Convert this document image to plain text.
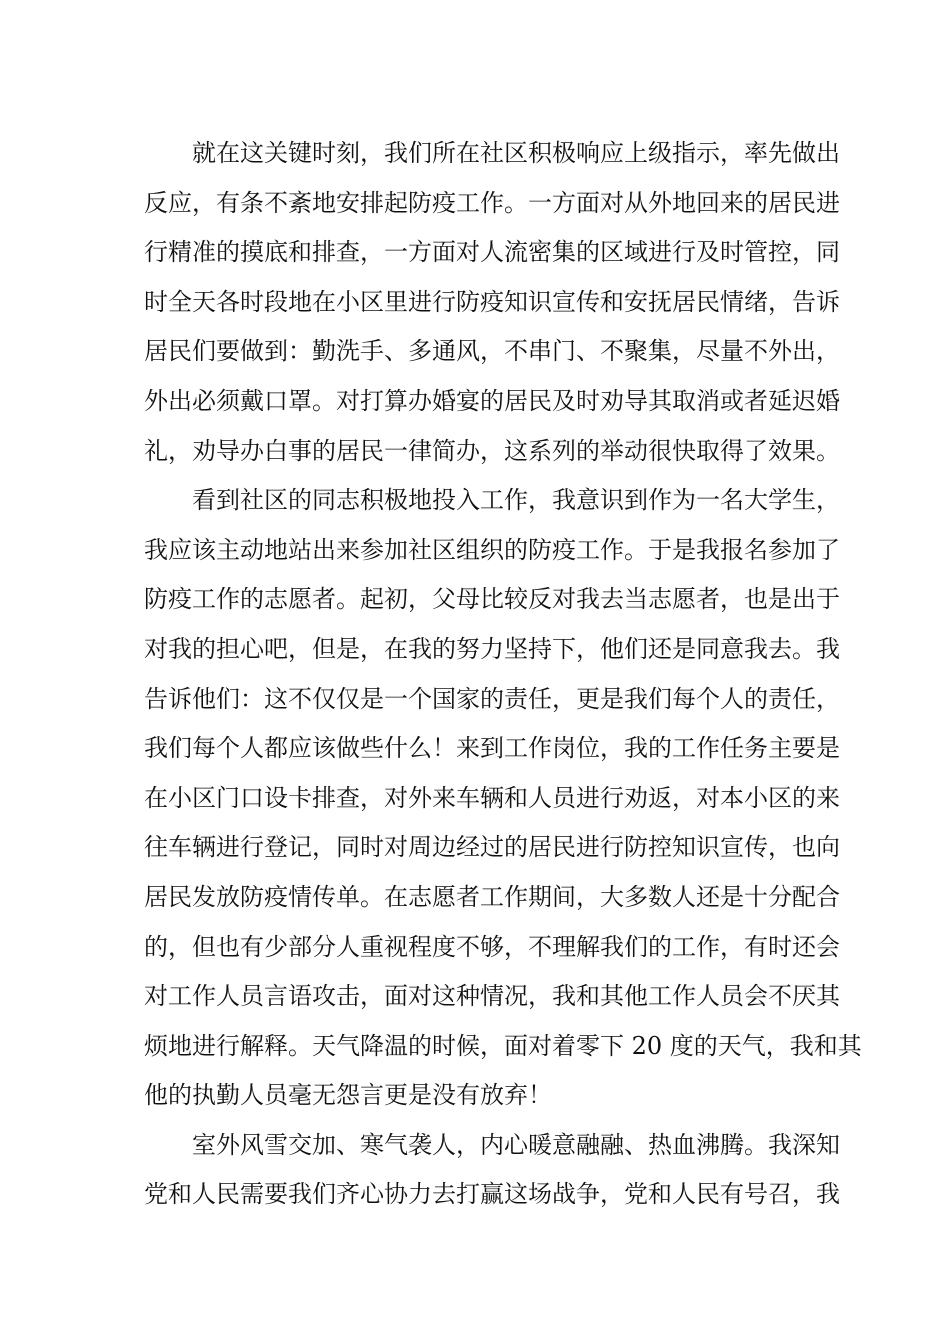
就在这关键时刻，我们所在社区积极响应上级指示，率先做出
反应，有条不紊地安排起防疫工作。一方面对从外地回来的居民进
行精准的摸底和排查，一方面对人流密集的区域进行及时管控，同
时全天各时段地在小区里进行防疫知识宣传和安抚居民情绪，告诉
居民们要做到：勤洗手、多通风，不串门、不聚集，尽量不外出，
外出必须戴口罩。对打算办婚宴的居民及时劝导其取消或者延迟婚
礼，劝导办白事的居民一律简办，这系列的举动很快取得了效果。
看到社区的同志积极地投入工作，我意识到作为一名大学生，
我应该主动地站出来参加社区组织的防疫工作。于是我报名参加了
防疫工作的志愿者。起初，父母比较反对我去当志愿者，也是出于
对我的担心吧，但是，在我的努力坚持下，他们还是同意我去。我
告诉他们：这不仅仅是一个国家的责任，更是我们每个人的责任，
我们每个人都应该做些什么！来到工作岗位，我的工作任务主要是
在小区门口设卡排查，对外来车辆和人员进行劝返，对本小区的来
往车辆进行登记，同时对周边经过的居民进行防控知识宣传，也向
居民发放防疫情传单。在志愿者工作期间，大多数人还是十分配合
的，但也有少部分人重视程度不够，不理解我们的工作，有时还会
对工作人员言语攻击，面对这种情况，我和其他工作人员会不厌其
烦地进行解释。天气降温的时候，面对着零下 20 度的天气，我和其
他的执勤人员毫无怨言更是没有放弃！
室外风雪交加、寒气袭人，内心暖意融融、热血沸腾。我深知
党和人民需要我们齐心协力去打赢这场战争，党和人民有号召，我
